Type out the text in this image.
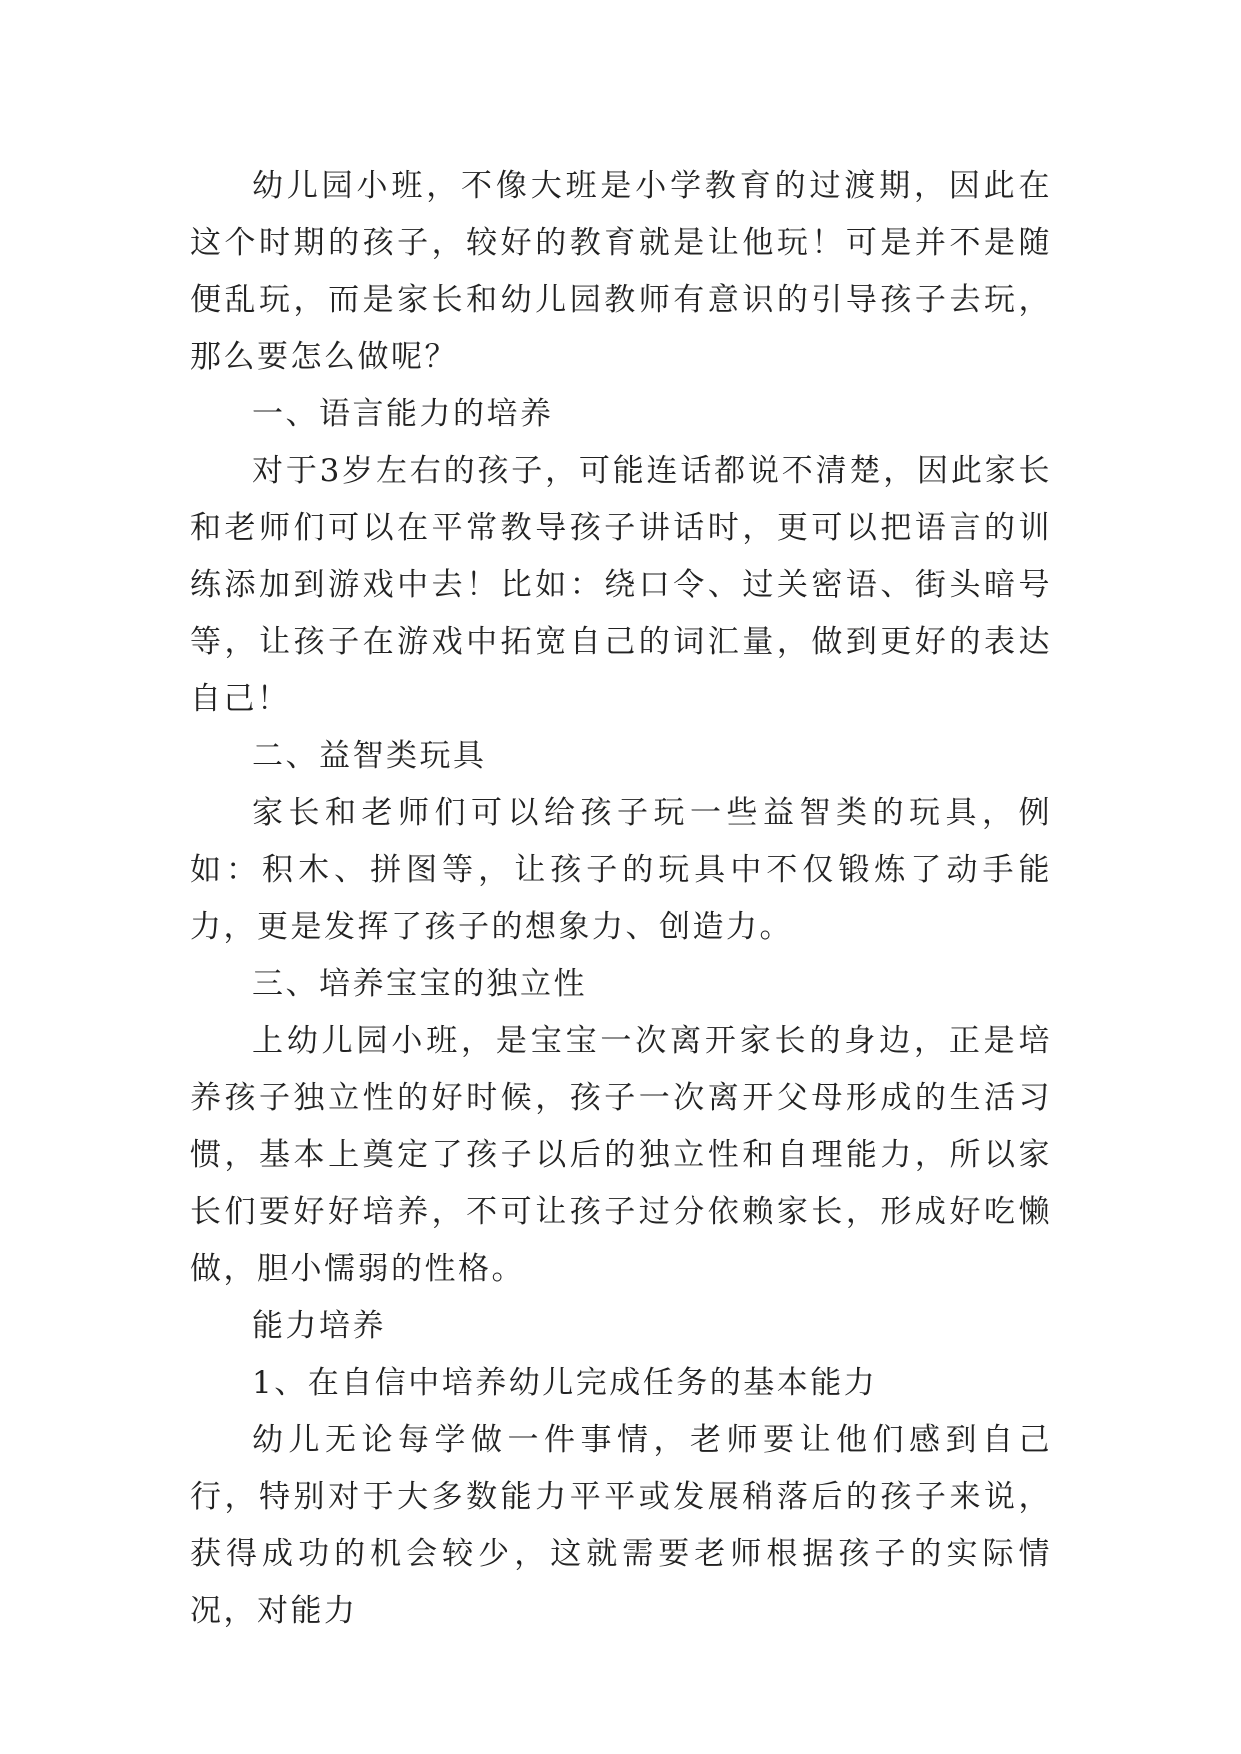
幼儿园小班，不像大班是小学教育的过渡期，因此在这个时期的孩子，较好的教育就是让他玩！可是并不是随便乱玩，而是家长和幼儿园教师有意识的引导孩子去玩，那么要怎么做呢？

一、语言能力的培养

对于3岁左右的孩子，可能连话都说不清楚，因此家长和老师们可以在平常教导孩子讲话时，更可以把语言的训练添加到游戏中去！比如：绕口令、过关密语、街头暗号等，让孩子在游戏中拓宽自己的词汇量，做到更好的表达自己！

二、益智类玩具

家长和老师们可以给孩子玩一些益智类的玩具，例如：积木、拼图等，让孩子的玩具中不仅锻炼了动手能力，更是发挥了孩子的想象力、创造力。

三、培养宝宝的独立性

上幼儿园小班，是宝宝一次离开家长的身边，正是培养孩子独立性的好时候，孩子一次离开父母形成的生活习惯，基本上奠定了孩子以后的独立性和自理能力，所以家长们要好好培养，不可让孩子过分依赖家长，形成好吃懒做，胆小懦弱的性格。

能力培养

1、在自信中培养幼儿完成任务的基本能力

幼儿无论每学做一件事情，老师要让他们感到自己行，特别对于大多数能力平平或发展稍落后的孩子来说，获得成功的机会较少，这就需要老师根据孩子的实际情况，对能力
